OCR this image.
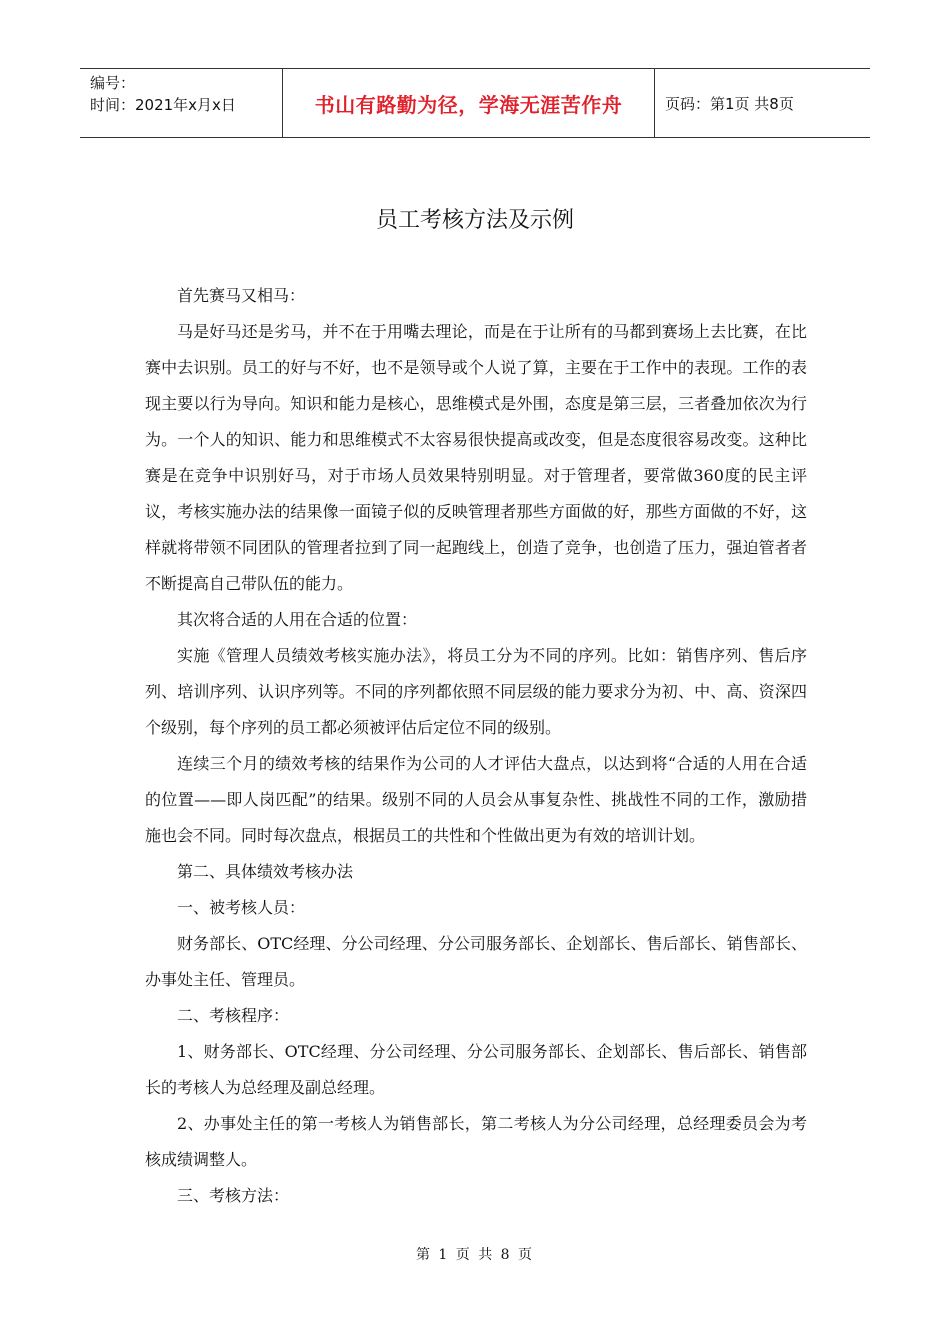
编号：
时间：2021年x月x日	书山有路勤为径，学海无涯苦作舟	页码：第1页 共8页
员工考核方法及示例

首先赛马又相马：

马是好马还是劣马，并不在于用嘴去理论，而是在于让所有的马都到赛场上去比赛，在比赛中去识别。员工的好与不好，也不是领导或个人说了算，主要在于工作中的表现。工作的表现主要以行为导向。知识和能力是核心，思维模式是外围，态度是第三层，三者叠加依次为行为。一个人的知识、能力和思维模式不太容易很快提高或改变，但是态度很容易改变。这种比赛是在竞争中识别好马，对于市场人员效果特别明显。对于管理者，要常做360度的民主评议，考核实施办法的结果像一面镜子似的反映管理者那些方面做的好，那些方面做的不好，这样就将带领不同团队的管理者拉到了同一起跑线上，创造了竞争，也创造了压力，强迫管者者不断提高自己带队伍的能力。

其次将合适的人用在合适的位置：

实施《管理人员绩效考核实施办法》，将员工分为不同的序列。比如：销售序列、售后序列、培训序列、认识序列等。不同的序列都依照不同层级的能力要求分为初、中、高、资深四个级别，每个序列的员工都必须被评估后定位不同的级别。

连续三个月的绩效考核的结果作为公司的人才评估大盘点，以达到将“合适的人用在合适的位置——即人岗匹配”的结果。级别不同的人员会从事复杂性、挑战性不同的工作，激励措施也会不同。同时每次盘点，根据员工的共性和个性做出更为有效的培训计划。

第二、具体绩效考核办法

一、被考核人员：

财务部长、OTC经理、分公司经理、分公司服务部长、企划部长、售后部长、销售部长、办事处主任、管理员。

二、考核程序：

1、财务部长、OTC经理、分公司经理、分公司服务部长、企划部长、售后部长、销售部长的考核人为总经理及副总经理。

2、办事处主任的第一考核人为销售部长，第二考核人为分公司经理，总经理委员会为考核成绩调整人。

三、考核方法：

第 1 页 共 8 页
